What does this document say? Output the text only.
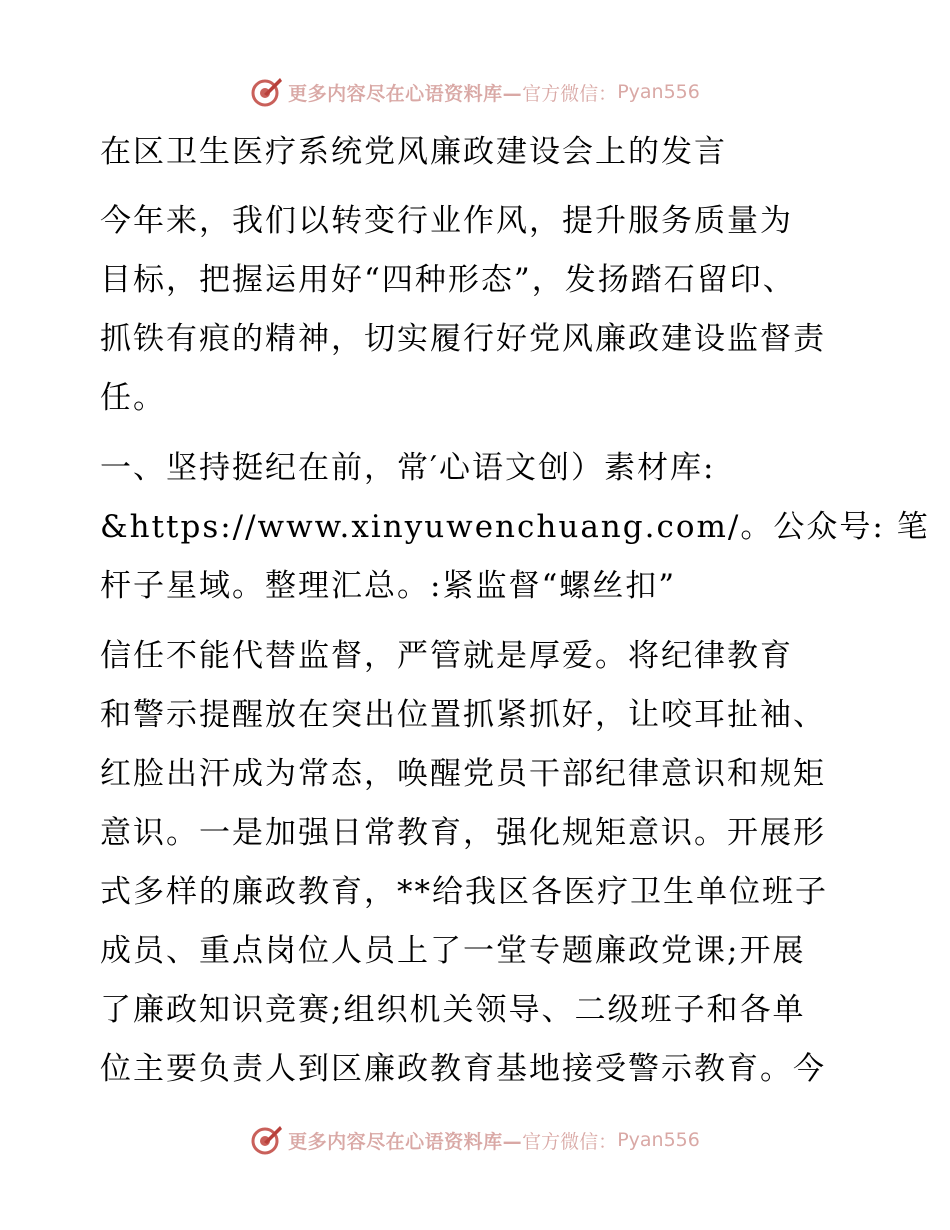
更多内容尽在心语资料库— 官方微信： Pyan556
在区卫生医疗系统党风廉政建设会上的发言
今年来，我们以转变行业作风，提升服务质量为
目标，把握运用好“四种形态”，发扬踏石留印、
抓铁有痕的精神，切实履行好党风廉政建设监督责
任。
一、坚持挺纪在前，常′心语文创）素材库:
&https://www.xinyuwenchuang.com/。公众号: 笔
杆子星域。整理汇总。:紧监督“螺丝扣”
信任不能代替监督，严管就是厚爱。将纪律教育
和警示提醒放在突出位置抓紧抓好，让咬耳扯袖、
红脸出汗成为常态，唤醒党员干部纪律意识和规矩
意识。一是加强日常教育，强化规矩意识。开展形
式多样的廉政教育，**给我区各医疗卫生单位班子
成员、重点岗位人员上了一堂专题廉政党课;开展
了廉政知识竞赛;组织机关领导、二级班子和各单
位主要负责人到区廉政教育基地接受警示教育。今
更多内容尽在心语资料库— 官方微信： Pyan556
